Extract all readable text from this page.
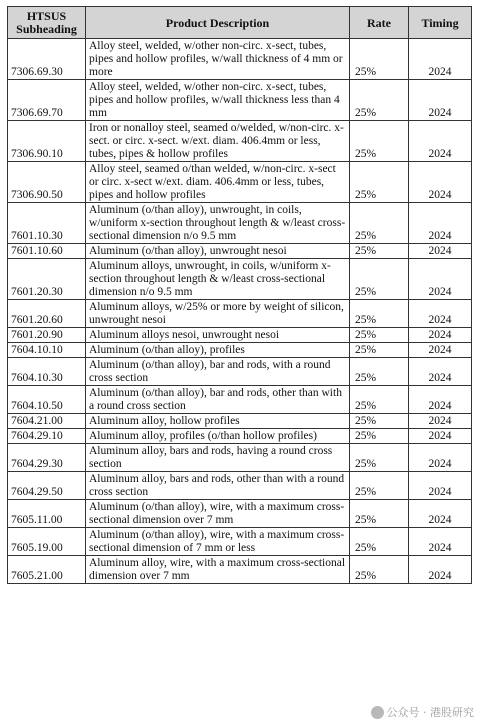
HTSUS
Subheading	Product Description	Rate	Timing
7306.69.30	Alloy steel, welded, w/other non-circ. x-sect, tubes, pipes and hollow profiles, w/wall thickness of 4 mm or more	25%	2024
7306.69.70	Alloy steel, welded, w/other non-circ. x-sect, tubes, pipes and hollow profiles, w/wall thickness less than 4 mm	25%	2024
7306.90.10	Iron or nonalloy steel, seamed o/welded, w/non-circ. x-sect. or circ. x-sect. w/ext. diam. 406.4mm or less, tubes, pipes & hollow profiles	25%	2024
7306.90.50	Alloy steel, seamed o/than welded, w/non-circ. x-sect or circ. x-sect w/ext. diam. 406.4mm or less, tubes, pipes and hollow profiles	25%	2024
7601.10.30	Aluminum (o/than alloy), unwrought, in coils, w/uniform x-section throughout length & w/least cross-sectional dimension n/o 9.5 mm	25%	2024
7601.10.60	Aluminum (o/than alloy), unwrought nesoi	25%	2024
7601.20.30	Aluminum alloys, unwrought, in coils, w/uniform x-section throughout length & w/least cross-sectional dimension n/o 9.5 mm	25%	2024
7601.20.60	Aluminum alloys, w/25% or more by weight of silicon, unwrought nesoi	25%	2024
7601.20.90	Aluminum alloys nesoi, unwrought nesoi	25%	2024
7604.10.10	Aluminum (o/than alloy), profiles	25%	2024
7604.10.30	Aluminum (o/than alloy), bar and rods, with a round cross section	25%	2024
7604.10.50	Aluminum (o/than alloy), bar and rods, other than with a round cross section	25%	2024
7604.21.00	Aluminum alloy, hollow profiles	25%	2024
7604.29.10	Aluminum alloy, profiles (o/than hollow profiles)	25%	2024
7604.29.30	Aluminum alloy, bars and rods, having a round cross section	25%	2024
7604.29.50	Aluminum alloy, bars and rods, other than with a round cross section	25%	2024
7605.11.00	Aluminum (o/than alloy), wire, with a maximum cross-sectional dimension over 7 mm	25%	2024
7605.19.00	Aluminum (o/than alloy), wire, with a maximum cross-sectional dimension of 7 mm or less	25%	2024
7605.21.00	Aluminum alloy, wire, with a maximum cross-sectional dimension over 7 mm	25%	2024
公众号 · 港股研究
